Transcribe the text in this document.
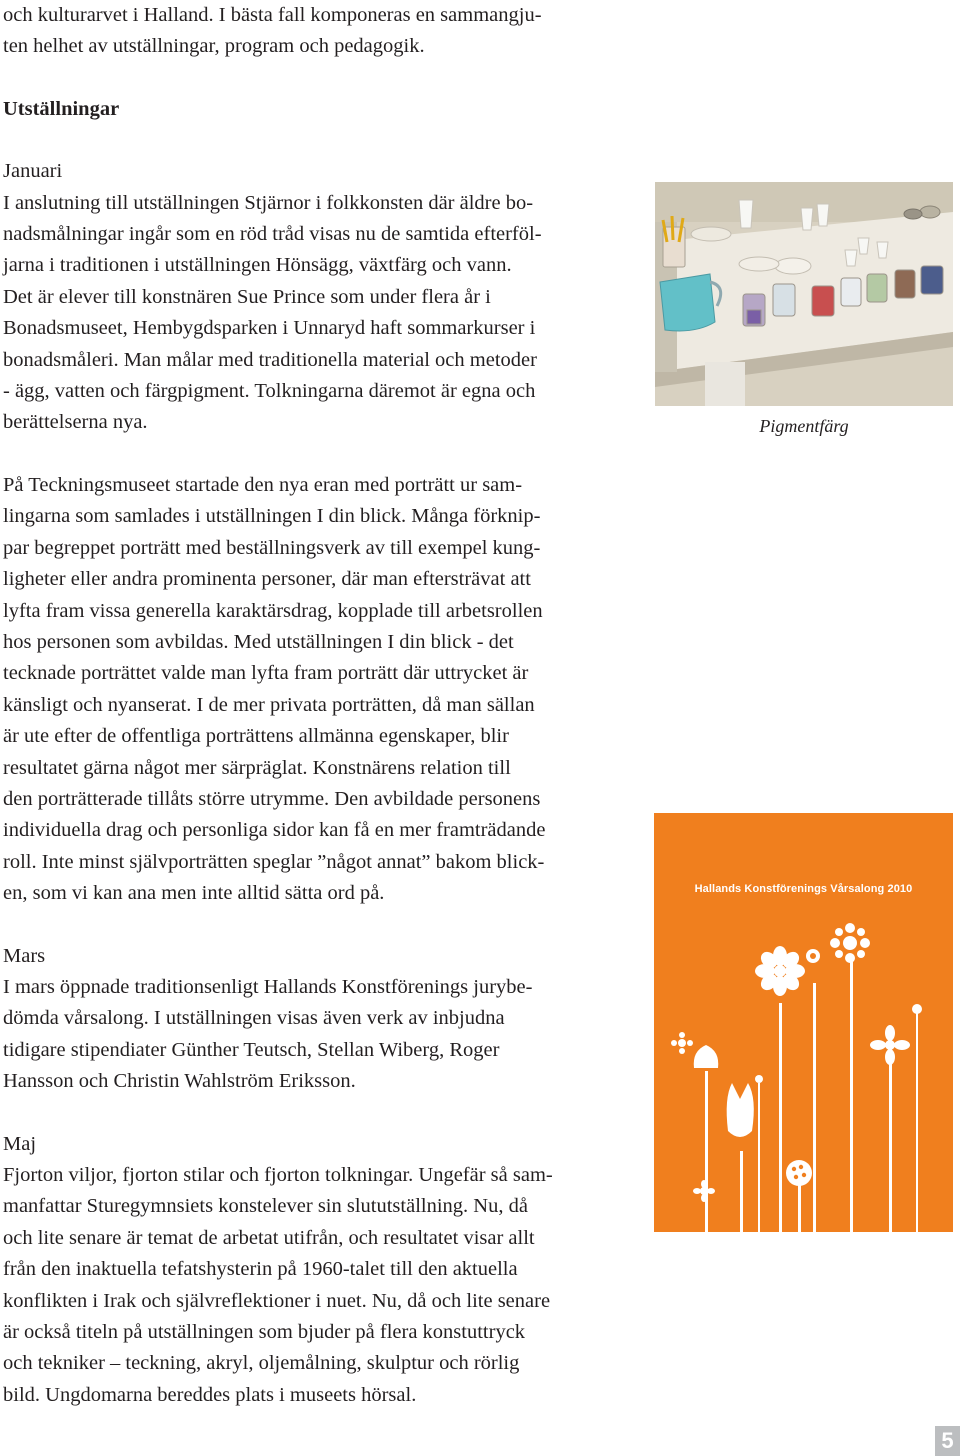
och kulturarvet i Halland. I bästa fall komponeras en sammangju-

ten helhet av utställningar, program och pedagogik.

Utställningar

Januari

I anslutning till utställningen Stjärnor i folkkonsten där äldre bo-

nadsmålningar ingår som en röd tråd visas nu de samtida efterföl-

jarna i traditionen i utställningen Hönsägg, växtfärg och vann.

Det är elever till konstnären Sue Prince som under flera år i

Bonadsmuseet, Hembygdsparken i Unnaryd haft sommarkurser i

bonadsmåleri. Man målar med traditionella material och metoder

- ägg, vatten och färgpigment. Tolkningarna däremot är egna och

berättelserna nya.

På Teckningsmuseet startade den nya eran med porträtt ur sam-

lingarna som samlades i utställningen I din blick. Många förknip-

par begreppet porträtt med beställningsverk av till exempel kung-

ligheter eller andra prominenta personer, där man eftersträvat att

lyfta fram vissa generella karaktärsdrag, kopplade till arbetsrollen

hos personen som avbildas. Med utställningen I din blick - det

tecknade porträttet valde man lyfta fram porträtt där uttrycket är

känsligt och nyanserat. I de mer privata porträtten, då man sällan

är ute efter de offentliga porträttens allmänna egenskaper, blir

resultatet gärna något mer särpräglat. Konstnärens relation till

den porträtterade tillåts större utrymme. Den avbildade personens

individuella drag och personliga sidor kan få en mer framträdande

roll. Inte minst självporträtten speglar ”något annat” bakom blick-

en, som vi kan ana men inte alltid sätta ord på.

Mars

I mars öppnade traditionsenligt Hallands Konstförenings jurybe-

dömda vårsalong. I utställningen visas även verk av inbjudna

tidigare stipendiater Günther Teutsch, Stellan Wiberg, Roger

Hansson och Christin Wahlström Eriksson.

Maj

Fjorton viljor, fjorton stilar och fjorton tolkningar. Ungefär så sam-

manfattar Sturegymnsiets konstelever sin slututställning. Nu, då

och lite senare är temat de arbetat utifrån, och resultatet visar allt

från den inaktuella tefatshysterin på 1960-talet till den aktuella

konflikten i Irak och självreflektioner i nuet. Nu, då och lite senare

är också titeln på utställningen som bjuder på flera konstuttryck

och tekniker – teckning, akryl, oljemålning, skulptur och rörlig

bild. Ungdomarna bereddes plats i museets hörsal.

Pigmentfärg
Hallands Konstförenings Vårsalong 2010
5
